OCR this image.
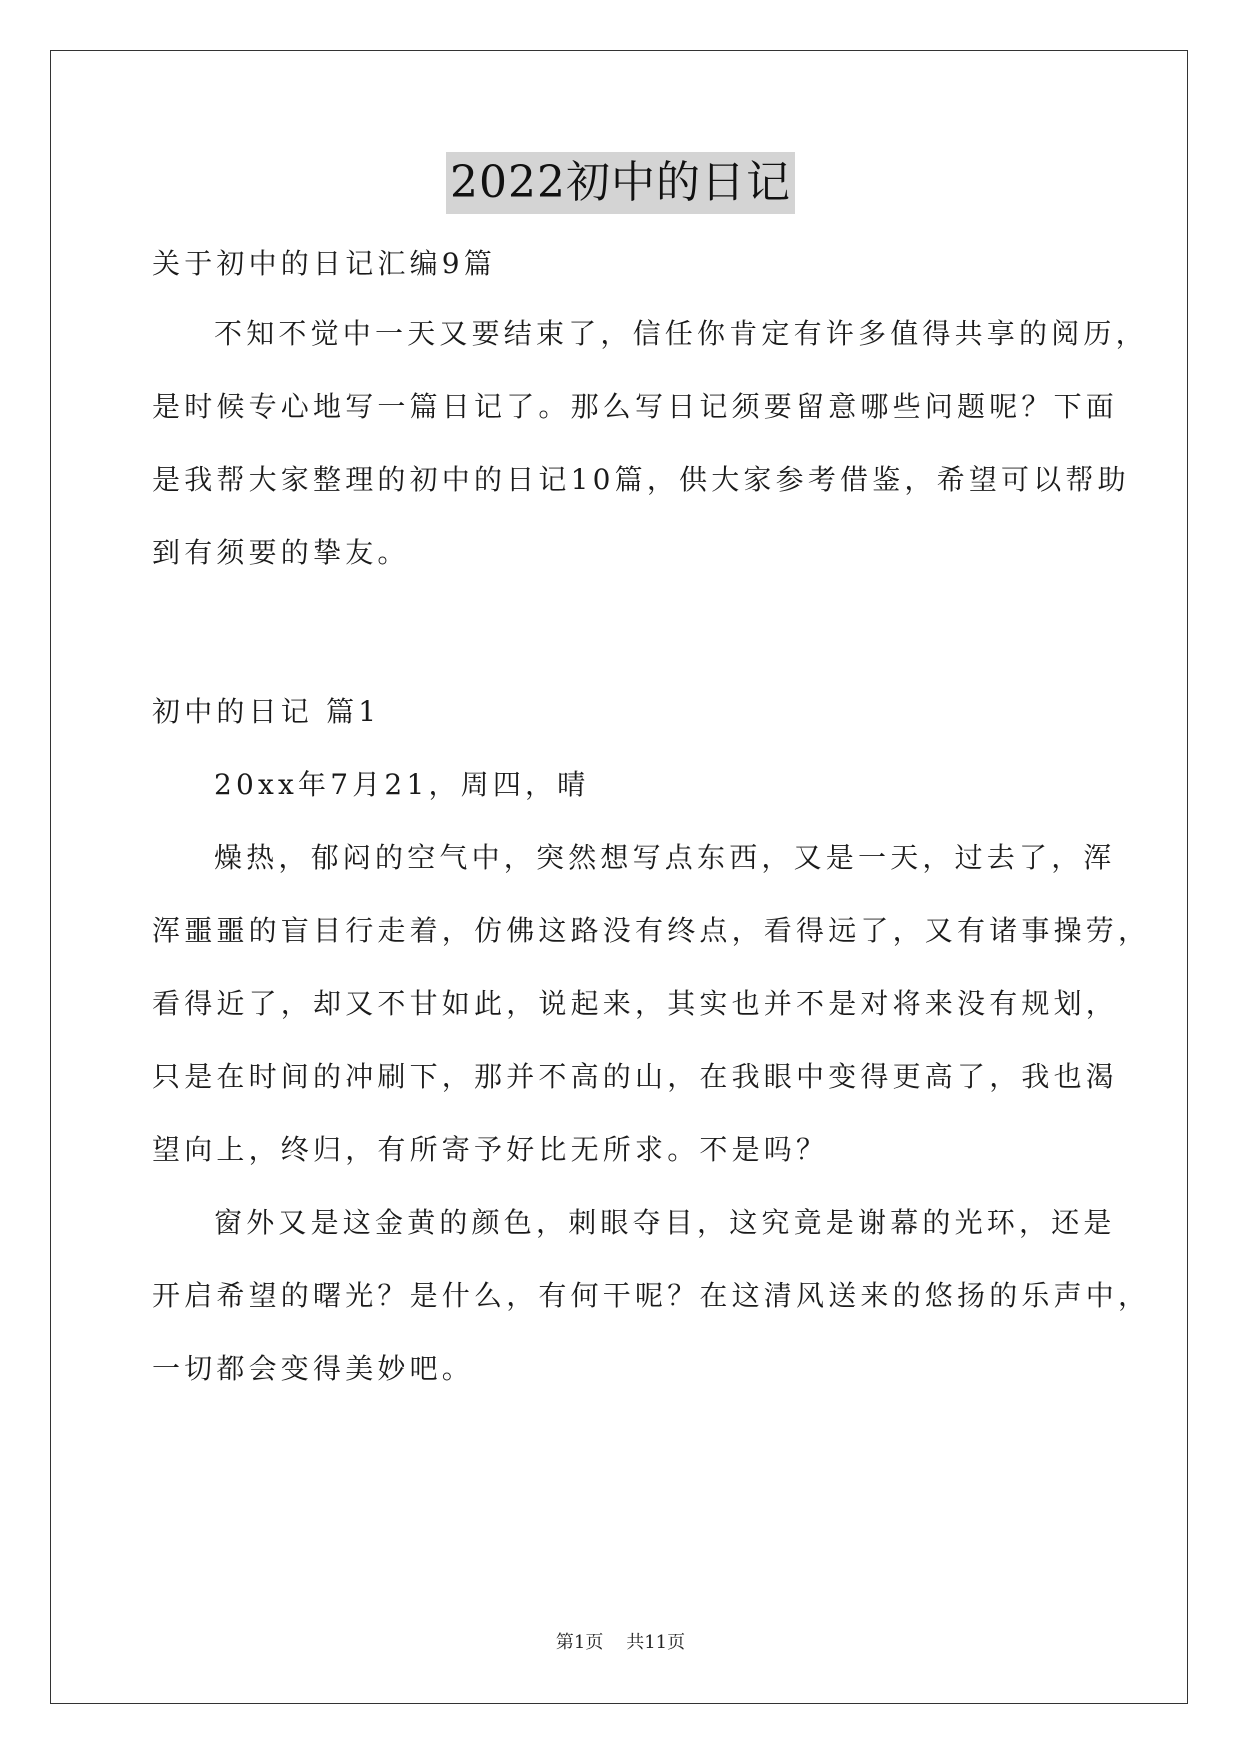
2022初中的日记
关于初中的日记汇编9篇
不知不觉中一天又要结束了，信任你肯定有许多值得共享的阅历，
是时候专心地写一篇日记了。那么写日记须要留意哪些问题呢？下面
是我帮大家整理的初中的日记10篇，供大家参考借鉴，希望可以帮助
到有须要的挚友。
初中的日记 篇1
20xx年7月21，周四，晴
燥热，郁闷的空气中，突然想写点东西，又是一天，过去了，浑
浑噩噩的盲目行走着，仿佛这路没有终点，看得远了，又有诸事操劳，
看得近了，却又不甘如此，说起来，其实也并不是对将来没有规划，
只是在时间的冲刷下，那并不高的山，在我眼中变得更高了，我也渴
望向上，终归，有所寄予好比无所求。不是吗？
窗外又是这金黄的颜色，刺眼夺目，这究竟是谢幕的光环，还是
开启希望的曙光？是什么，有何干呢？在这清风送来的悠扬的乐声中，
一切都会变得美妙吧。
第1页    共11页
